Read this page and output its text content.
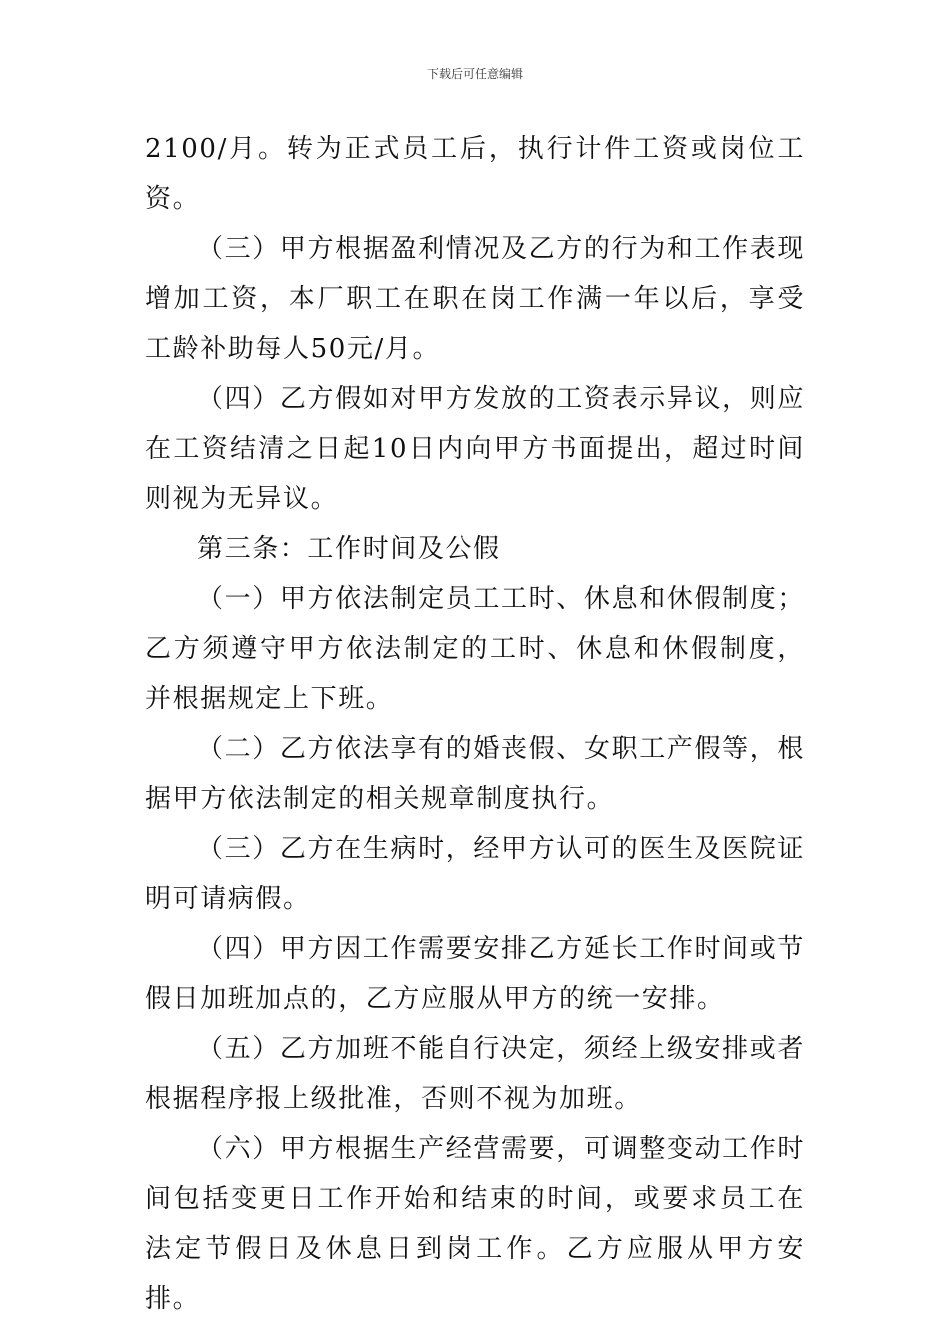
下载后可任意编辑

2100/月。转为正式员工后，执行计件工资或岗位工资。

（三）甲方根据盈利情况及乙方的行为和工作表现增加工资，本厂职工在职在岗工作满一年以后，享受工龄补助每人50元/月。

（四）乙方假如对甲方发放的工资表示异议，则应在工资结清之日起10日内向甲方书面提出，超过时间则视为无异议。

第三条：工作时间及公假

（一）甲方依法制定员工工时、休息和休假制度；乙方须遵守甲方依法制定的工时、休息和休假制度，并根据规定上下班。

（二）乙方依法享有的婚丧假、女职工产假等，根据甲方依法制定的相关规章制度执行。

（三）乙方在生病时，经甲方认可的医生及医院证明可请病假。

（四）甲方因工作需要安排乙方延长工作时间或节假日加班加点的，乙方应服从甲方的统一安排。

（五）乙方加班不能自行决定，须经上级安排或者根据程序报上级批准，否则不视为加班。

（六）甲方根据生产经营需要，可调整变动工作时间包括变更日工作开始和结束的时间，或要求员工在法定节假日及休息日到岗工作。乙方应服从甲方安排。
